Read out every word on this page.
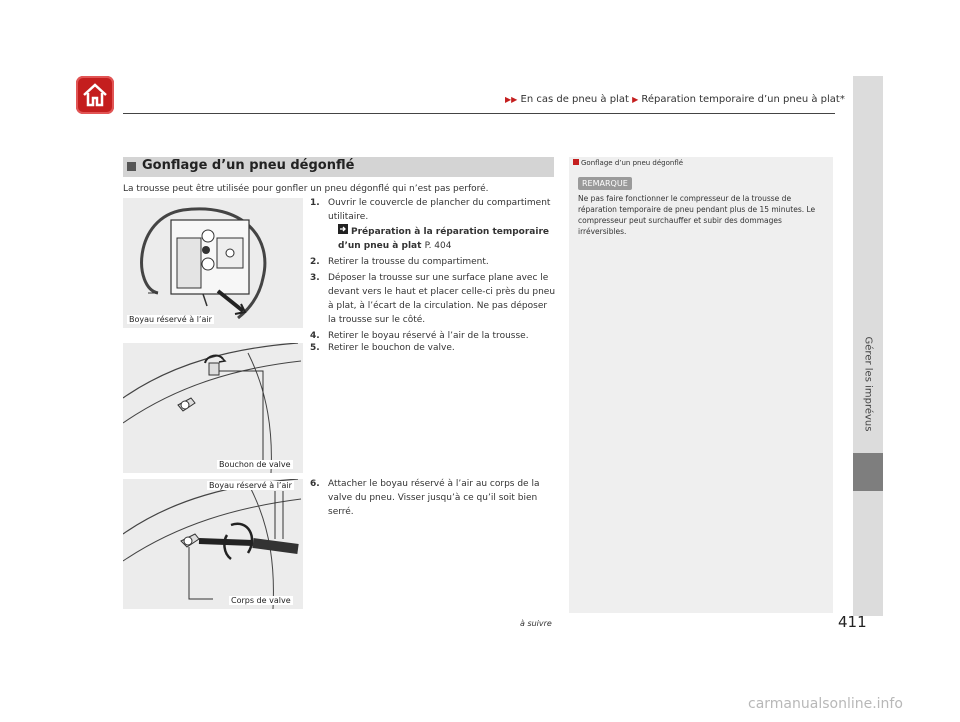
▶▶ En cas de pneu à plat ▶ Réparation temporaire d’un pneu à plat*
Gérer les imprévus
Gonflage d’un pneu dégonflé
La trousse peut être utilisée pour gonfler un pneu dégonflé qui n’est pas perforé.
Boyau réservé à l’air
Bouchon de valve
Boyau réservé à l’air
Corps de valve
1. Ouvrir le couvercle de plancher du compartiment utilitaire.
Préparation à la réparation temporaire d’un pneu à plat P. 404
2. Retirer la trousse du compartiment.
3. Déposer la trousse sur une surface plane avec le devant vers le haut et placer celle-ci près du pneu à plat, à l’écart de la circulation. Ne pas déposer la trousse sur le côté.
4. Retirer le boyau réservé à l’air de la trousse.
5. Retirer le bouchon de valve.
6. Attacher le boyau réservé à l’air au corps de la valve du pneu. Visser jusqu’à ce qu’il soit bien serré.
Gonflage d’un pneu dégonflé
REMARQUE
Ne pas faire fonctionner le compresseur de la trousse de réparation temporaire de pneu pendant plus de 15 minutes. Le compresseur peut surchauffer et subir des dommages irréversibles.
à suivre	411
carmanualsonline.info
